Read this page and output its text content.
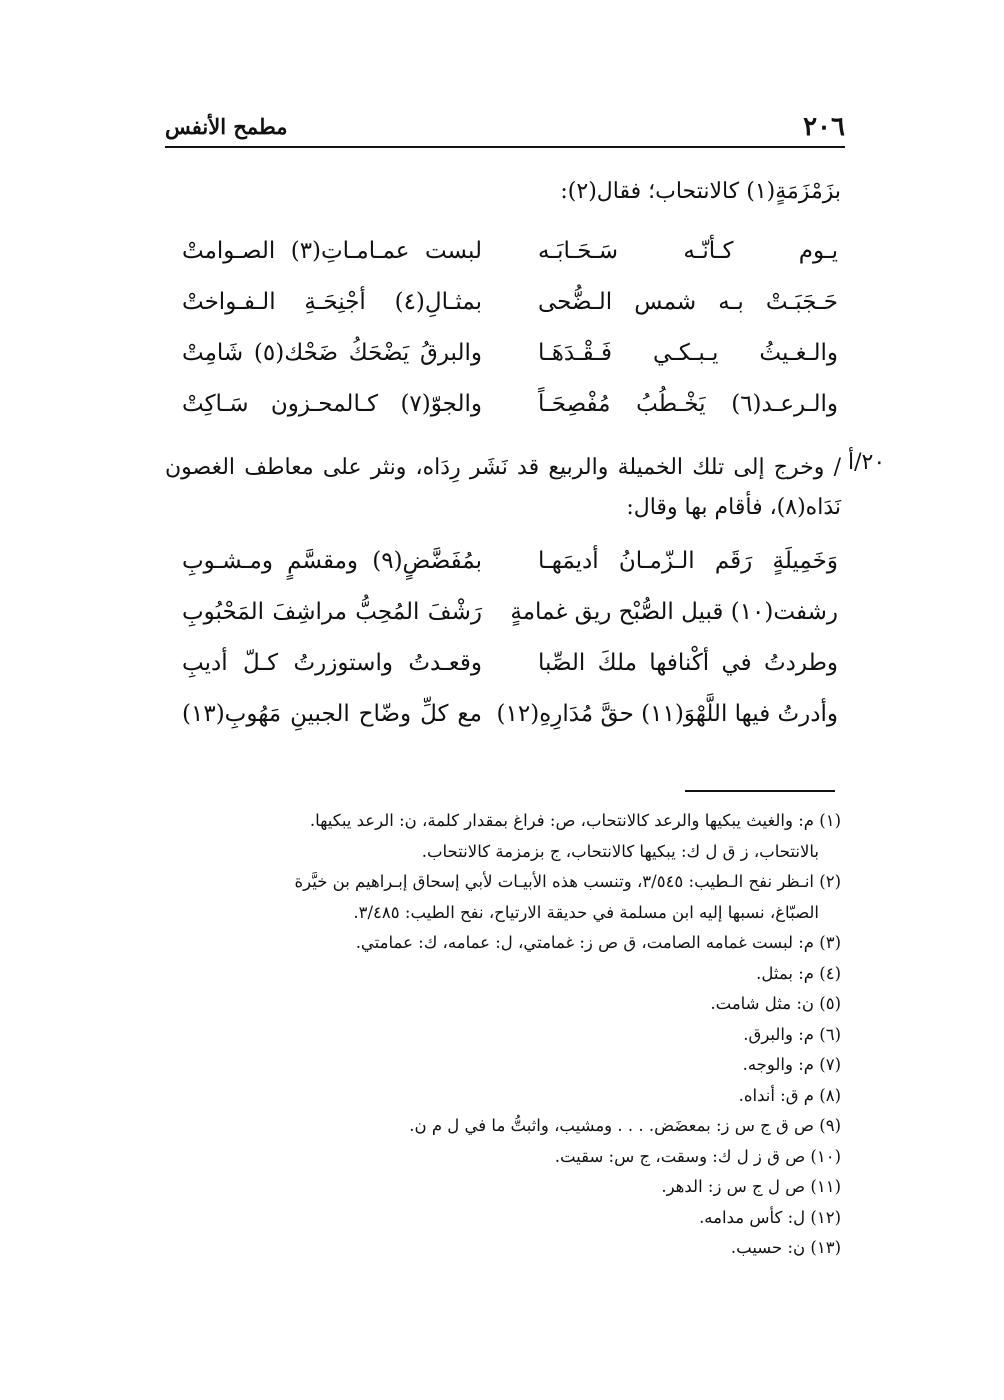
٢٠٦
مطمح الأنفس
بزَمْزَمَةٍ(١) كالانتحاب؛ فقال(٢):
يـوم كـأنّـه سَـحَـابَـه
لبست عمـامـاتِ(٣) الصـوامتْ
حَـجَبَـتْ بـه شمس الـضُّحى
بمثـالِ(٤) أجْنِحَـةِ الـفـواختْ
والـغـيثُ يـبـكـي فَـقْـدَهَـا
والبرقُ يَضْحَكُ ضَحْك(٥) شَامِتْ
والـرعـد(٦) يَخْـطُبُ مُفْصِحَـاً
والجوّ(٧) كـالمحـزون سَـاكِتْ
٢٠/أ
/ وخرج إلى تلك الخميلة والربيع قد نَشَر رِدَاه، ونثر على معاطف الغصون نَدَاه(٨)، فأقام بها وقال:
وَخَمِيلَةٍ رَقَم الـزّمـانُ أديمَهـا
بمُفَضَّضٍ(٩) ومقسَّمٍ ومـشـوبِ
رشفت(١٠) قبيل الصُّبْح ريق غمامةٍ
رَشْفَ المُحِبُّ مراشِفَ المَحْبُوبِ
وطردتُ في أكْنافها ملكَ الصِّبا
وقعـدتُ واستوزرتُ كـلّ أديبِ
وأدرتُ فيها اللَّهْوَ(١١) حقَّ مُدَارِهِ(١٢)
مع كلِّ وضّاح الجبينِ مَهُوبِ(١٣)
(١) م: والغيث يبكيها والرعد كالانتحاب، ص: فراغ بمقدار كلمة، ن: الرعد يبكيها.
بالانتحاب، ز ق ل ك: يبكيها كالانتحاب، ج بزمزمة كالانتحاب.
(٢) انـظر نفح الـطيب: ٣/٥٤٥، وتنسب هذه الأبيـات لأبي إسحاق إبـراهيم بن خيَّرة
الصبّاغ، نسبها إليه ابن مسلمة في حديقة الارتياح، نفح الطيب: ٣/٤٨٥.
(٣) م: لبست غمامه الصامت، ق ص ز: غمامتي، ل: عمامه، ك: عمامتي.
(٤) م: بمثل.
(٥) ن: مثل شامت.
(٦) م: والبرق.
(٧) م: والوجه.
(٨) م ق: أنداه.
(٩) ص ق ج س ز: بمعضَض. . . . ومشيب، واثبتُّ ما في ل م ن.
(١٠) ص ق ز ل ك: وسقت، ج س: سقيت.
(١١) ص ل ج س ز: الدهر.
(١٢) ل: كأس مدامه.
(١٣) ن: حسيب.
